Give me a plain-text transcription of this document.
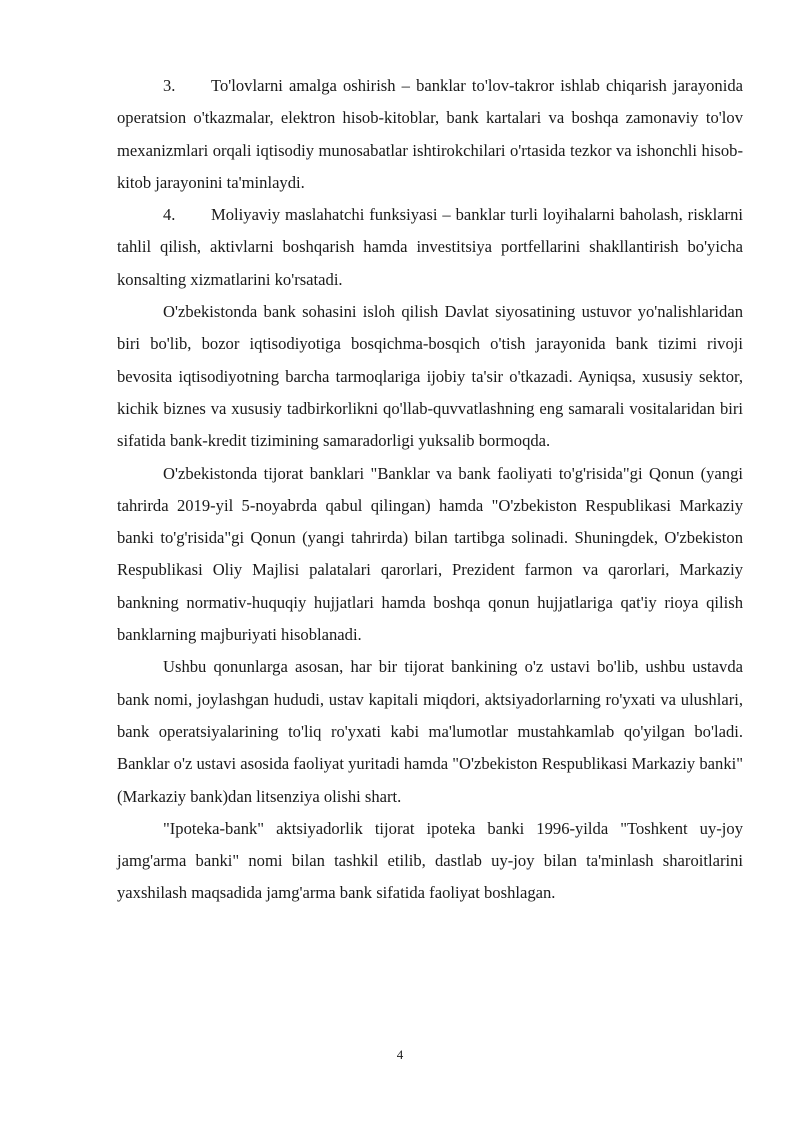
3. To'lovlarni amalga oshirish – banklar to'lov-takror ishlab chiqarish jarayonida operatsion o'tkazmalar, elektron hisob-kitoblar, bank kartalari va boshqa zamonaviy to'lov mexanizmlari orqali iqtisodiy munosabatlar ishtirokchilari o'rtasida tezkor va ishonchli hisob-kitob jarayonini ta'minlaydi.

4. Moliyaviy maslahatchi funksiyasi – banklar turli loyihalarni baholash, risklarni tahlil qilish, aktivlarni boshqarish hamda investitsiya portfellarini shakllantirish bo'yicha konsalting xizmatlarini ko'rsatadi.

O'zbekistonda bank sohasini isloh qilish Davlat siyosatining ustuvor yo'nalishlaridan biri bo'lib, bozor iqtisodiyotiga bosqichma-bosqich o'tish jarayonida bank tizimi rivoji bevosita iqtisodiyotning barcha tarmoqlariga ijobiy ta'sir o'tkazadi. Ayniqsa, xususiy sektor, kichik biznes va xususiy tadbirkorlikni qo'llab-quvvatlashning eng samarali vositalaridan biri sifatida bank-kredit tizimining samaradorligi yuksalib bormoqda.

O'zbekistonda tijorat banklari "Banklar va bank faoliyati to'g'risida"gi Qonun (yangi tahrirda 2019-yil 5-noyabrda qabul qilingan) hamda "O'zbekiston Respublikasi Markaziy banki to'g'risida"gi Qonun (yangi tahrirda) bilan tartibga solinadi. Shuningdek, O'zbekiston Respublikasi Oliy Majlisi palatalari qarorlari, Prezident farmon va qarorlari, Markaziy bankning normativ-huquqiy hujjatlari hamda boshqa qonun hujjatlariga qat'iy rioya qilish banklarning majburiyati hisoblanadi.

Ushbu qonunlarga asosan, har bir tijorat bankining o'z ustavi bo'lib, ushbu ustavda bank nomi, joylashgan hududi, ustav kapitali miqdori, aktsiyadorlarning ro'yxati va ulushlari, bank operatsiyalarining to'liq ro'yxati kabi ma'lumotlar mustahkamlab qo'yilgan bo'ladi. Banklar o'z ustavi asosida faoliyat yuritadi hamda "O'zbekiston Respublikasi Markaziy banki" (Markaziy bank)dan litsenziya olishi shart.

"Ipoteka-bank" aktsiyadorlik tijorat ipoteka banki 1996-yilda "Toshkent uy-joy jamg'arma banki" nomi bilan tashkil etilib, dastlab uy-joy bilan ta'minlash sharoitlarini yaxshilash maqsadida jamg'arma bank sifatida faoliyat boshlagan.

4
